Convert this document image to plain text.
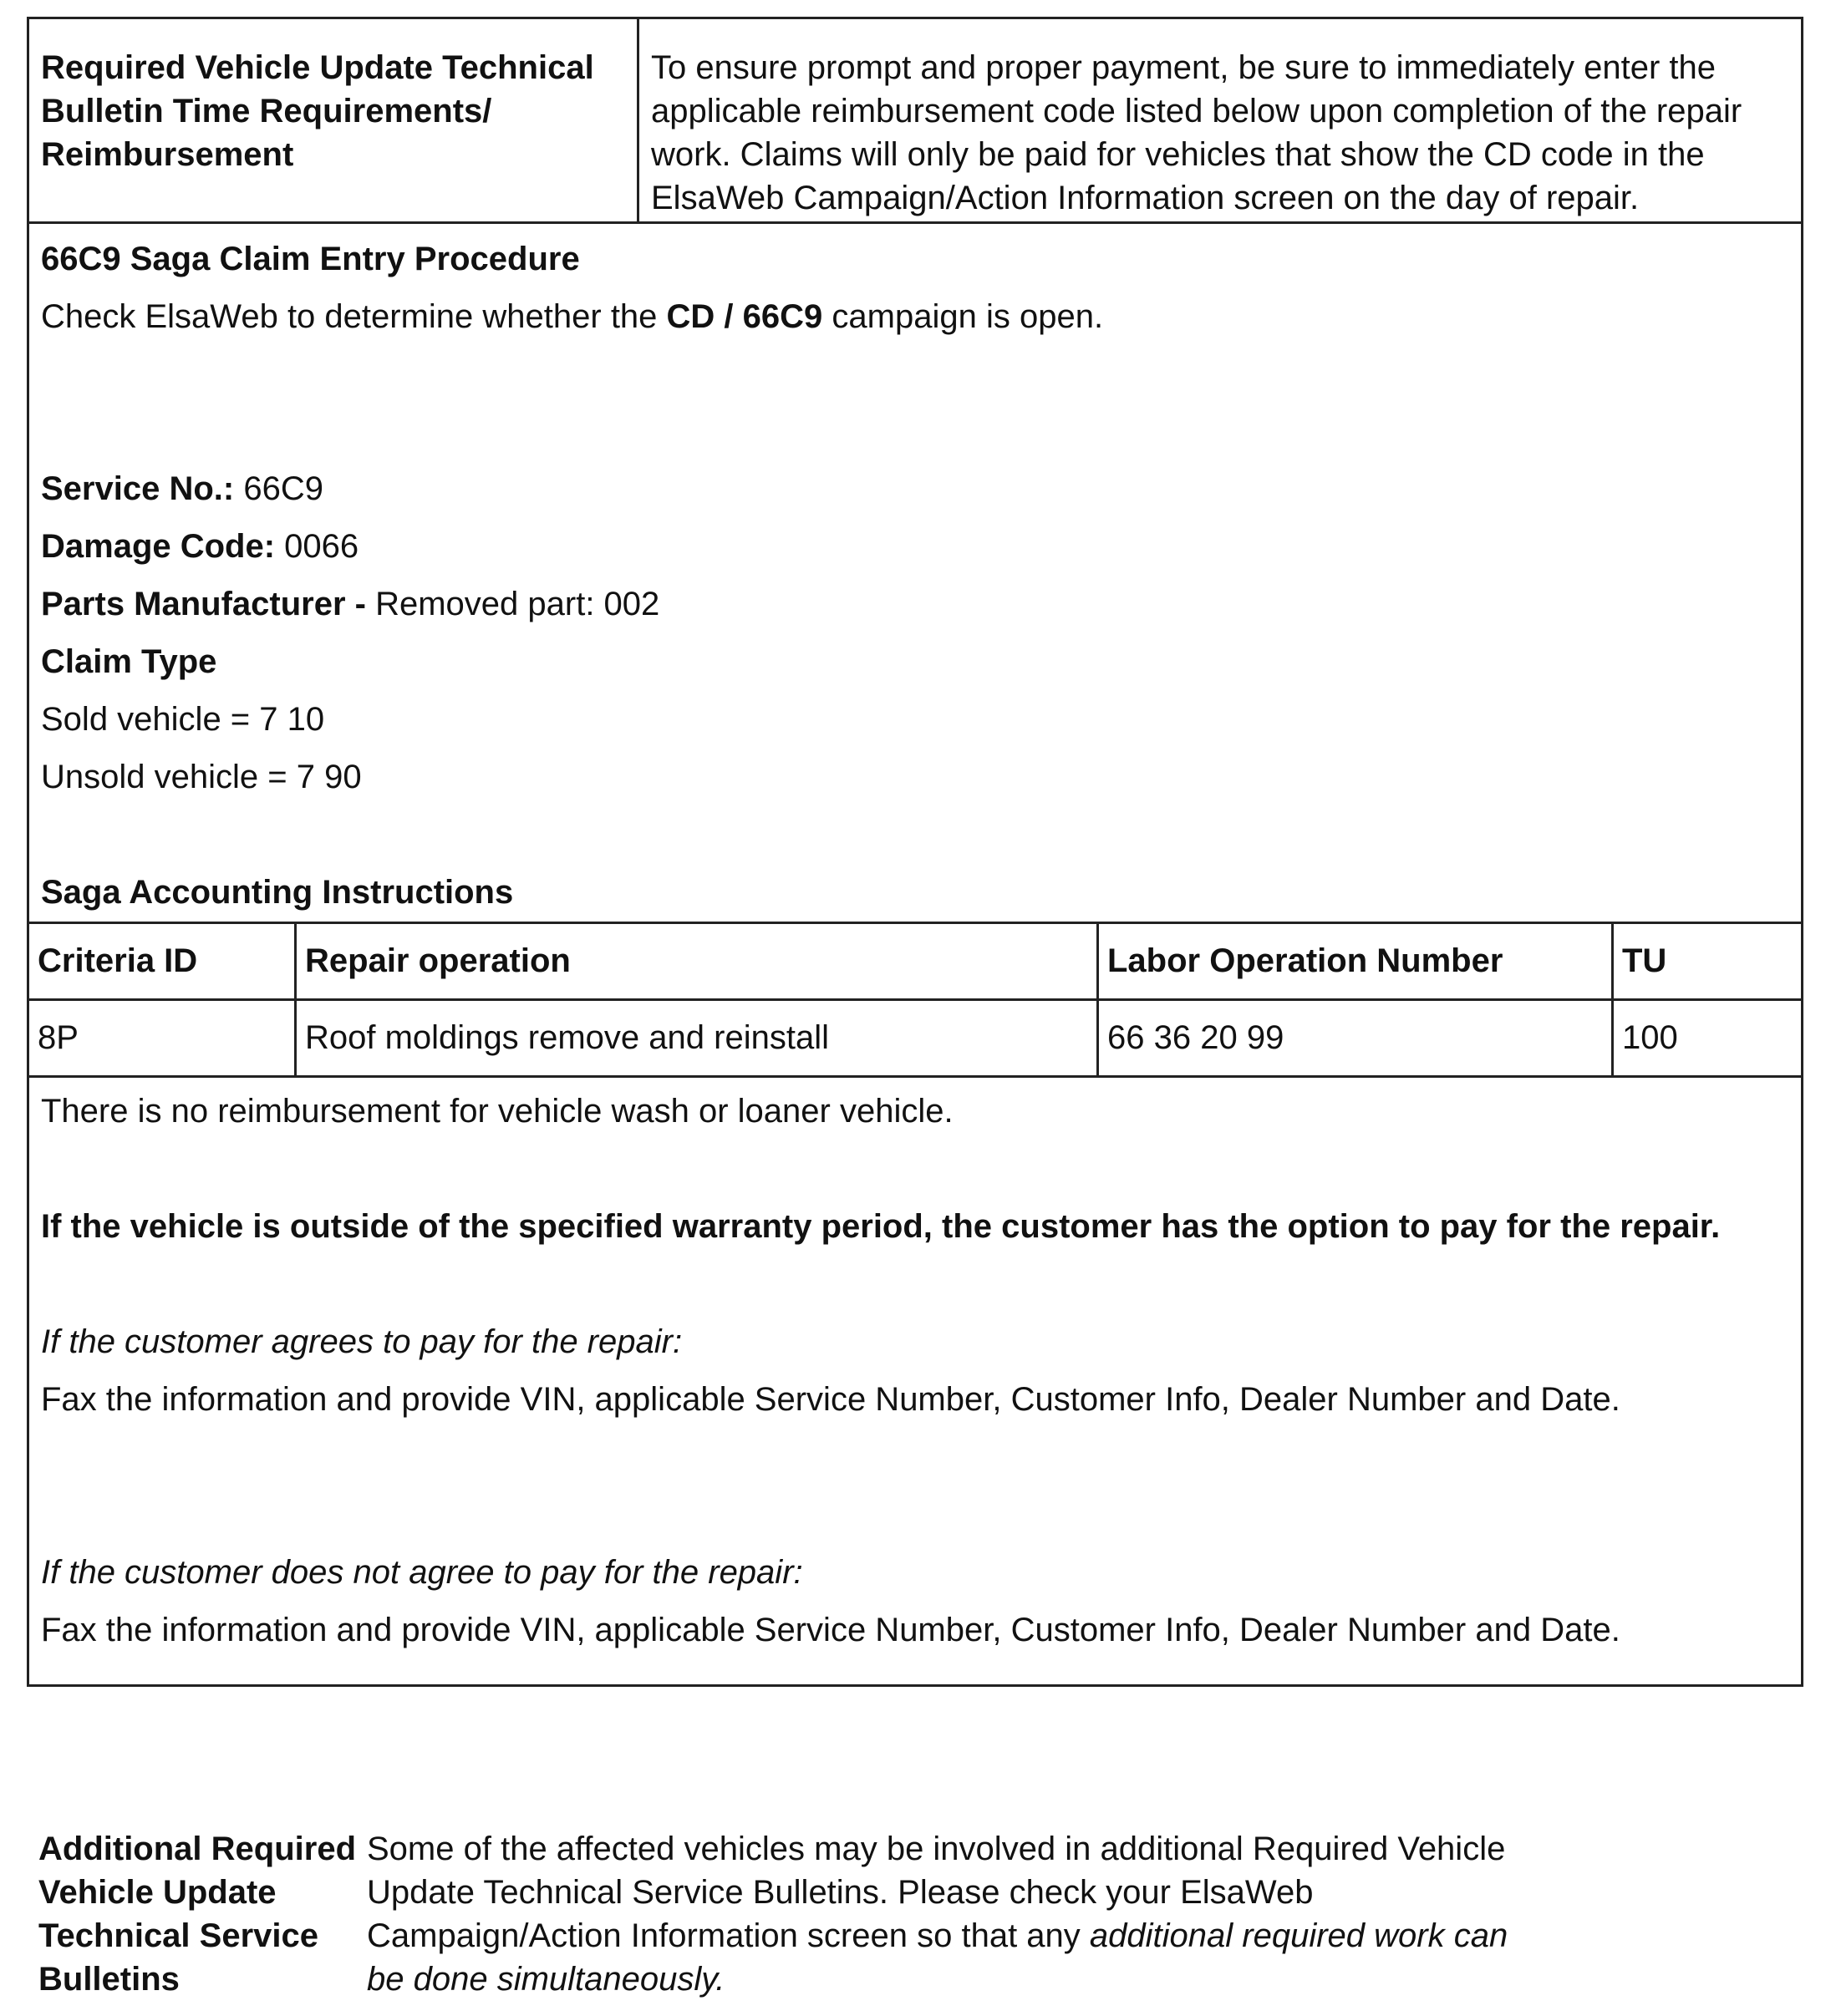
Required Vehicle Update Technical Bulletin Time Requirements/ Reimbursement
To ensure prompt and proper payment, be sure to immediately enter the applicable reimbursement code listed below upon completion of the repair work. Claims will only be paid for vehicles that show the CD code in the ElsaWeb Campaign/Action Information screen on the day of repair.
66C9 Saga Claim Entry Procedure
Check ElsaWeb to determine whether the CD / 66C9 campaign is open.
Service No.: 66C9
Damage Code: 0066
Parts Manufacturer - Removed part: 002
Claim Type
Sold vehicle = 7 10
Unsold vehicle = 7 90
Saga Accounting Instructions
Criteria ID	Repair operation	Labor Operation Number	TU
8P	Roof moldings remove and reinstall	66 36 20 99	100
There is no reimbursement for vehicle wash or loaner vehicle.
If the vehicle is outside of the specified warranty period, the customer has the option to pay for the repair.
If the customer agrees to pay for the repair:
Fax the information and provide VIN, applicable Service Number, Customer Info, Dealer Number and Date.
If the customer does not agree to pay for the repair:
Fax the information and provide VIN, applicable Service Number, Customer Info, Dealer Number and Date.
Additional Required Vehicle Update Technical Service Bulletins
Some of the affected vehicles may be involved in additional Required Vehicle Update Technical Service Bulletins. Please check your ElsaWeb Campaign/Action Information screen so that any additional required work can be done simultaneously.
